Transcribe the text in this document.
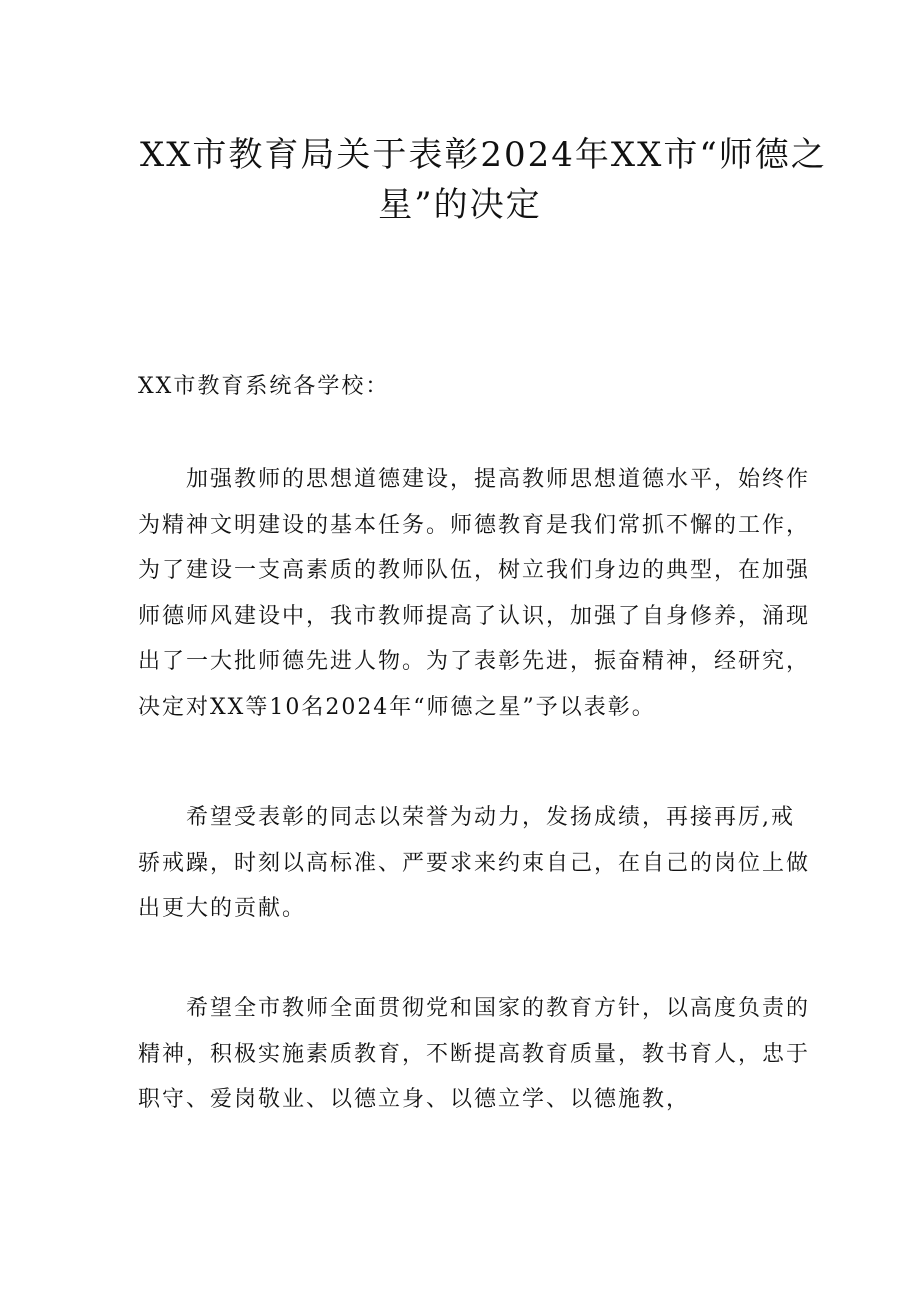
XX市教育局关于表彰2024年XX市“师德之
星”的决定

XX市教育系统各学校：

加强教师的思想道德建设，提高教师思想道德水平，始终作
为精神文明建设的基本任务。师德教育是我们常抓不懈的工作，
为了建设一支高素质的教师队伍，树立我们身边的典型，在加强
师德师风建设中，我市教师提高了认识，加强了自身修养，涌现
出了一大批师德先进人物。为了表彰先进，振奋精神，经研究，
决定对XX等10名2024年“师德之星”予以表彰。

希望受表彰的同志以荣誉为动力，发扬成绩，再接再厉,戒
骄戒躁，时刻以高标准、严要求来约束自己，在自己的岗位上做
出更大的贡献。

希望全市教师全面贯彻党和国家的教育方针，以高度负责的
精神，积极实施素质教育，不断提高教育质量，教书育人，忠于
职守、爱岗敬业、以德立身、以德立学、以德施教，
